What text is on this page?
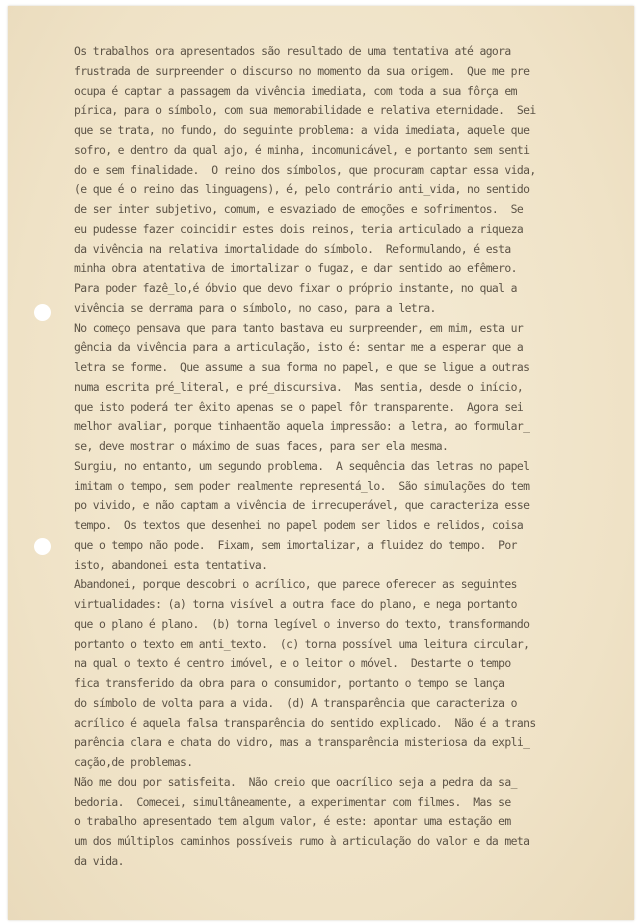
Os trabalhos ora apresentados são resultado de uma tentativa até agora
frustrada de surpreender o discurso no momento da sua origem.  Que me pre
ocupa é captar a passagem da vivência imediata, com toda a sua fôrça em
pírica, para o símbolo, com sua memorabilidade e relativa eternidade.  Sei
que se trata, no fundo, do seguinte problema: a vida imediata, aquele que
sofro, e dentro da qual ajo, é minha, incomunicável, e portanto sem senti
do e sem finalidade.  O reino dos símbolos, que procuram captar essa vida,
(e que é o reino das linguagens), é, pelo contrário anti_vida, no sentido
de ser inter subjetivo, comum, e esvaziado de emoções e sofrimentos.  Se
eu pudesse fazer coincidir estes dois reinos, teria articulado a riqueza
da vivência na relativa imortalidade do símbolo.  Reformulando, é esta
minha obra atentativa de imortalizar o fugaz, e dar sentido ao efêmero.
Para poder fazê_lo,é óbvio que devo fixar o próprio instante, no qual a
vivência se derrama para o símbolo, no caso, para a letra.
No começo pensava que para tanto bastava eu surpreender, em mim, esta ur
gência da vivência para a articulação, isto é: sentar me a esperar que a
letra se forme.  Que assume a sua forma no papel, e que se ligue a outras
numa escrita pré_literal, e pré_discursiva.  Mas sentia, desde o início,
que isto poderá ter êxito apenas se o papel fôr transparente.  Agora sei
melhor avaliar, porque tinhaentão aquela impressão: a letra, ao formular_
se, deve mostrar o máximo de suas faces, para ser ela mesma.
Surgiu, no entanto, um segundo problema.  A sequência das letras no papel
imitam o tempo, sem poder realmente representá_lo.  São simulações do tem
po vivido, e não captam a vivência de irrecuperável, que caracteriza esse
tempo.  Os textos que desenhei no papel podem ser lidos e relidos, coisa
que o tempo não pode.  Fixam, sem imortalizar, a fluidez do tempo.  Por
isto, abandonei esta tentativa.
Abandonei, porque descobri o acrílico, que parece oferecer as seguintes
virtualidades: (a) torna visível a outra face do plano, e nega portanto
que o plano é plano.  (b) torna legível o inverso do texto, transformando
portanto o texto em anti_texto.  (c) torna possível uma leitura circular,
na qual o texto é centro imóvel, e o leitor o móvel.  Destarte o tempo
fica transferido da obra para o consumidor, portanto o tempo se lança
do símbolo de volta para a vida.  (d) A transparência que caracteriza o
acrílico é aquela falsa transparência do sentido explicado.  Não é a trans
parência clara e chata do vidro, mas a transparência misteriosa da expli_
cação,de problemas.
Não me dou por satisfeita.  Não creio que oacrílico seja a pedra da sa_
bedoria.  Comecei, simultâneamente, a experimentar com filmes.  Mas se
o trabalho apresentado tem algum valor, é este: apontar uma estação em
um dos múltiplos caminhos possíveis rumo à articulação do valor e da meta
da vida.
